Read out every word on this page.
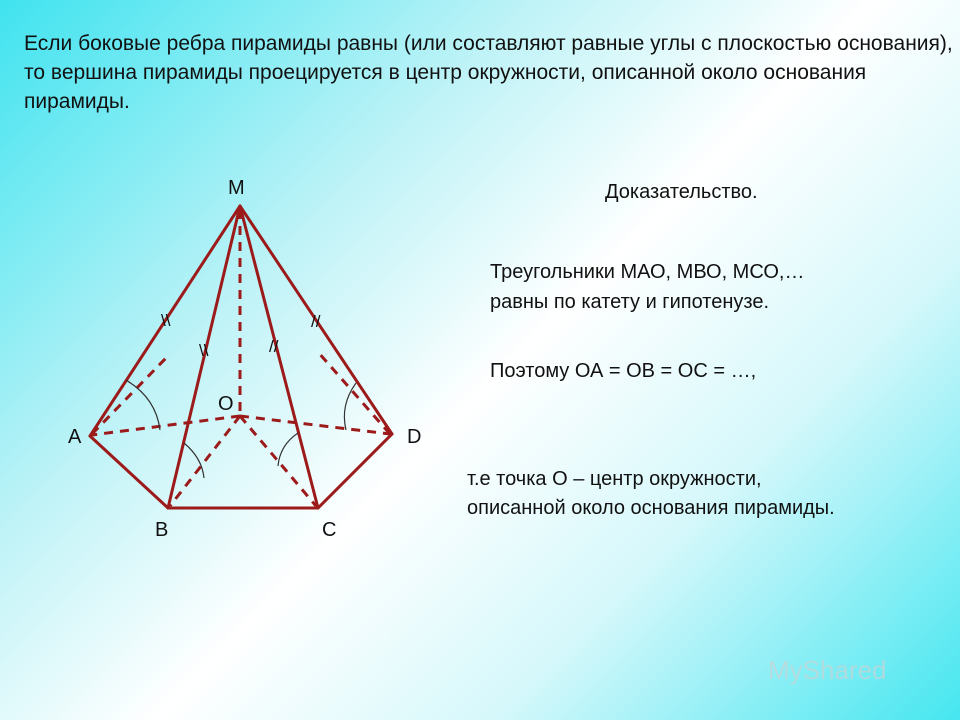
Если боковые ребра пирамиды равны (или составляют равные углы с плоскостью основания), то вершина пирамиды проецируется в центр окружности, описанной около основания пирамиды.

\\
\\	//
//
M
O
A
B	C
D

Доказательство.

Треугольники МАО, МВО, МСО,…

равны по катету и гипотенузе.

Поэтому ОА = ОВ = ОС = …,

т.е точка О – центр окружности,

описанной около основания пирамиды.

MyShared
